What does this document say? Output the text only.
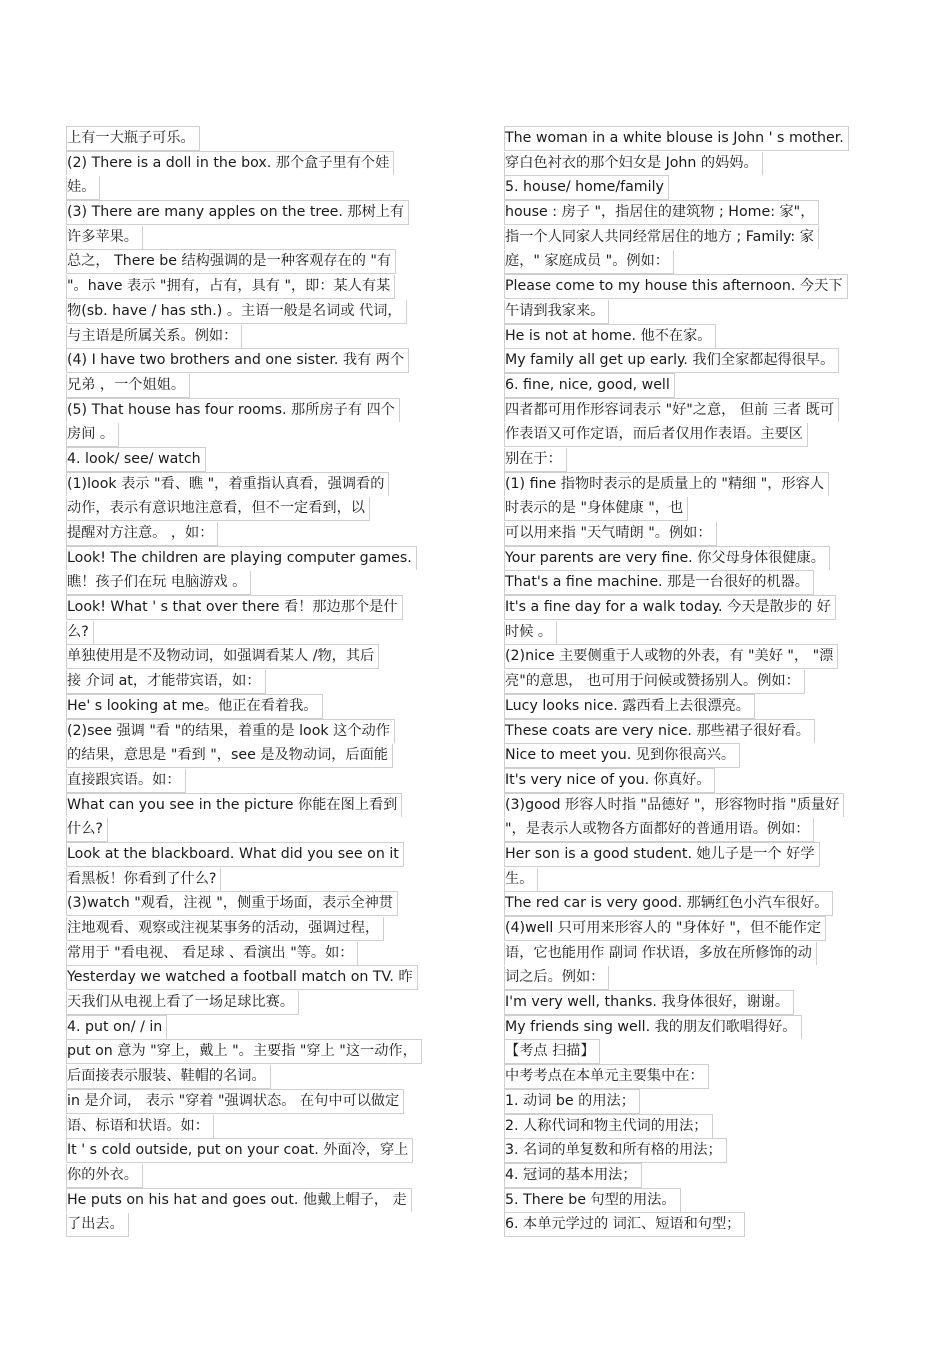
上有一大瓶子可乐。
(2) There is a doll in the box. 那个盒子里有个娃
娃。
(3) There are many apples on the tree. 那树上有
许多苹果。
总之， There be 结构强调的是一种客观存在的 "有
"。have 表示 "拥有，占有，具有 "，即：某人有某
物(sb. have / has sth.) 。主语一般是名词或 代词，
与主语是所属关系。例如：
(4) I have two brothers and one sister. 我有 两个
兄弟 ，一个姐姐。
(5) That house has four rooms. 那所房子有 四个
房间 。
4. look/ see/ watch
(1)look 表示 "看、瞧 "，着重指认真看，强调看的
动作，表示有意识地注意看，但不一定看到，以
提醒对方注意。 ，如：
Look! The children are playing computer games.
瞧！孩子们在玩 电脑游戏 。
Look! What ' s that over there 看！那边那个是什
么?
单独使用是不及物动词，如强调看某人 /物，其后
接 介词 at，才能带宾语，如：
He' s looking at me。他正在看着我。
(2)see 强调 "看 "的结果，着重的是 look 这个动作
的结果，意思是 "看到 "，see 是及物动词，后面能
直接跟宾语。如：
What can you see in the picture 你能在图上看到
什么?
Look at the blackboard. What did you see on it
看黑板！你看到了什么?
(3)watch "观看，注视 "，侧重于场面，表示全神贯
注地观看、观察或注视某事务的活动，强调过程，
常用于 "看电视、 看足球 、看演出 "等。如：
Yesterday we watched a football match on TV. 昨
天我们从电视上看了一场足球比赛。
4. put on/ / in
put on 意为 "穿上，戴上 "。主要指 "穿上 "这一动作，
后面接表示服装、鞋帽的名词。
in 是介词， 表示 "穿着 "强调状态。 在句中可以做定
语、标语和状语。如：
It ' s cold outside, put on your coat. 外面冷，穿上
你的外衣。
He puts on his hat and goes out. 他戴上帽子， 走
了出去。
The woman in a white blouse is John ' s mother.
穿白色衬衣的那个妇女是 John 的妈妈。
5. house/ home/family
house : 房子 "，指居住的建筑物 ; Home: 家"，
指一个人同家人共同经常居住的地方 ; Family: 家
庭，" 家庭成员 "。例如：
Please come to my house this afternoon. 今天下
午请到我家来。
He is not at home. 他不在家。
My family all get up early. 我们全家都起得很早。
6. fine, nice, good, well
四者都可用作形容词表示 "好"之意， 但前 三者 既可
作表语又可作定语，而后者仅用作表语。主要区
别在于：
(1) fine 指物时表示的是质量上的 "精细 "，形容人
时表示的是 "身体健康 "，也
可以用来指 "天气晴朗 "。例如：
Your parents are very fine. 你父母身体很健康。
That's a fine machine. 那是一台很好的机器。
It's a fine day for a walk today. 今天是散步的 好
时候 。
(2)nice 主要侧重于人或物的外表，有 "美好 "， "漂
亮"的意思， 也可用于问候或赞扬别人。例如：
Lucy looks nice. 露西看上去很漂亮。
These coats are very nice. 那些裙子很好看。
Nice to meet you. 见到你很高兴。
It's very nice of you. 你真好。
(3)good 形容人时指 "品德好 "，形容物时指 "质量好
"，是表示人或物各方面都好的普通用语。例如：
Her son is a good student. 她儿子是一个 好学
生。
The red car is very good. 那辆红色小汽车很好。
(4)well 只可用来形容人的 "身体好 "，但不能作定
语，它也能用作 副词 作状语，多放在所修饰的动
词之后。例如：
I'm very well, thanks. 我身体很好，谢谢。
My friends sing well. 我的朋友们歌唱得好。
【考点 扫描】
中考考点在本单元主要集中在：
1. 动词 be 的用法；
2. 人称代词和物主代词的用法；
3. 名词的单复数和所有格的用法；
4. 冠词的基本用法；
5. There be 句型的用法。
6. 本单元学过的 词汇、短语和句型；
